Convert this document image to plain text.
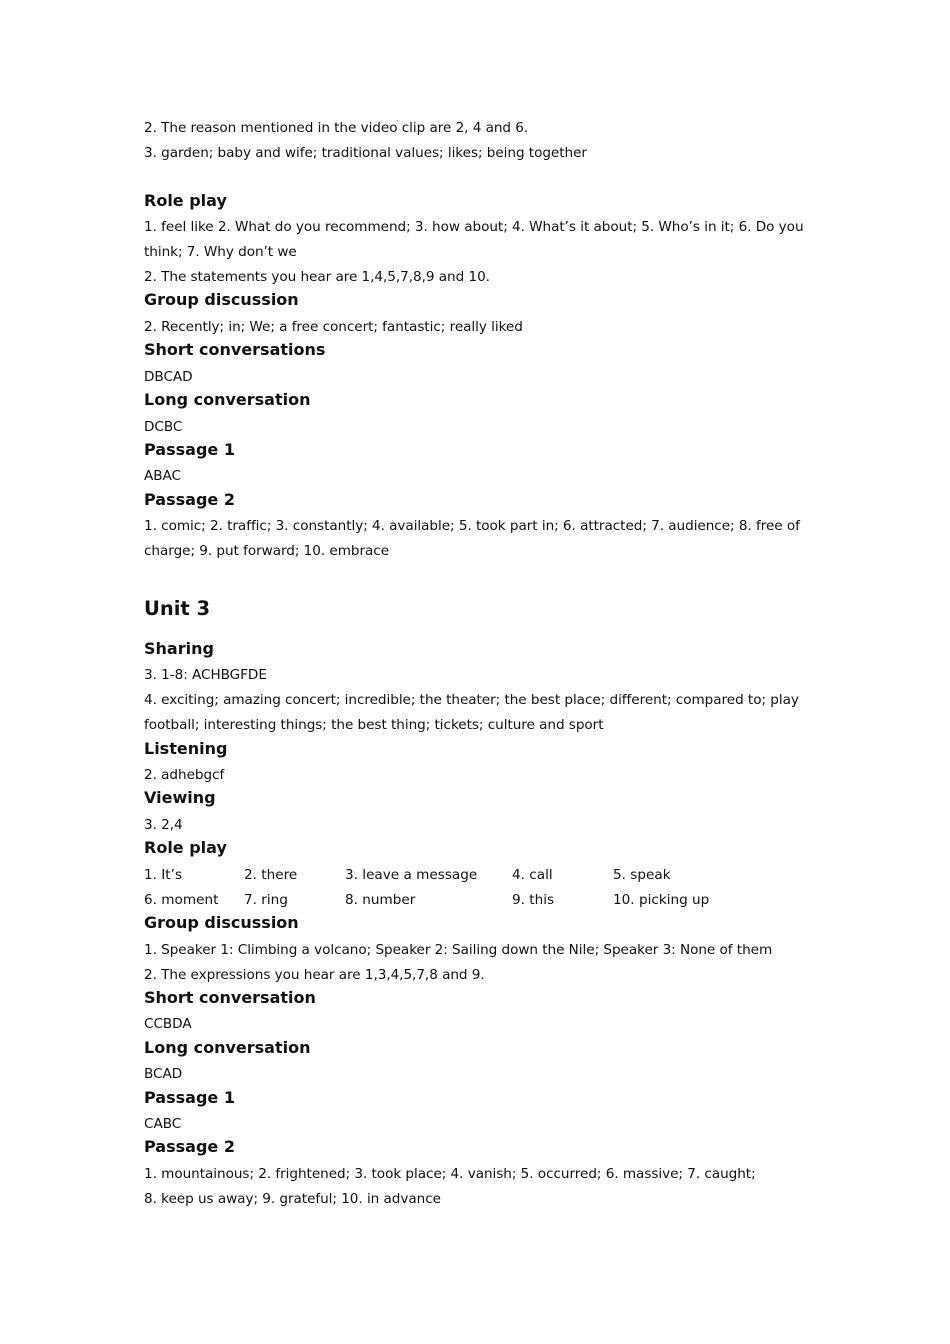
2. The reason mentioned in the video clip are 2, 4 and 6.
3. garden; baby and wife; traditional values; likes; being together
Role play
1. feel like 2. What do you recommend; 3. how about; 4. What’s it about; 5. Who’s in it; 6. Do you
think; 7. Why don’t we
2. The statements you hear are 1,4,5,7,8,9 and 10.
Group discussion
2. Recently; in; We; a free concert; fantastic; really liked
Short conversations
DBCAD
Long conversation
DCBC
Passage 1
ABAC
Passage 2
1. comic; 2. traffic; 3. constantly; 4. available; 5. took part in; 6. attracted; 7. audience; 8. free of
charge; 9. put forward; 10. embrace
Unit 3
Sharing
3. 1-8: ACHBGFDE
4. exciting; amazing concert; incredible; the theater; the best place; different; compared to; play
football; interesting things; the best thing; tickets; culture and sport
Listening
2. adhebgcf
Viewing
3. 2,4
Role play
1. It’s	2. there	3. leave a message	4. call	5. speak
6. moment 7. ring	8. number	9. this	10. picking up
Group discussion
1. Speaker 1: Climbing a volcano; Speaker 2: Sailing down the Nile; Speaker 3: None of them
2. The expressions you hear are 1,3,4,5,7,8 and 9.
Short conversation
CCBDA
Long conversation
BCAD
Passage 1
CABC
Passage 2
1. mountainous; 2. frightened; 3. took place; 4. vanish; 5. occurred; 6. massive; 7. caught;
8. keep us away; 9. grateful; 10. in advance
